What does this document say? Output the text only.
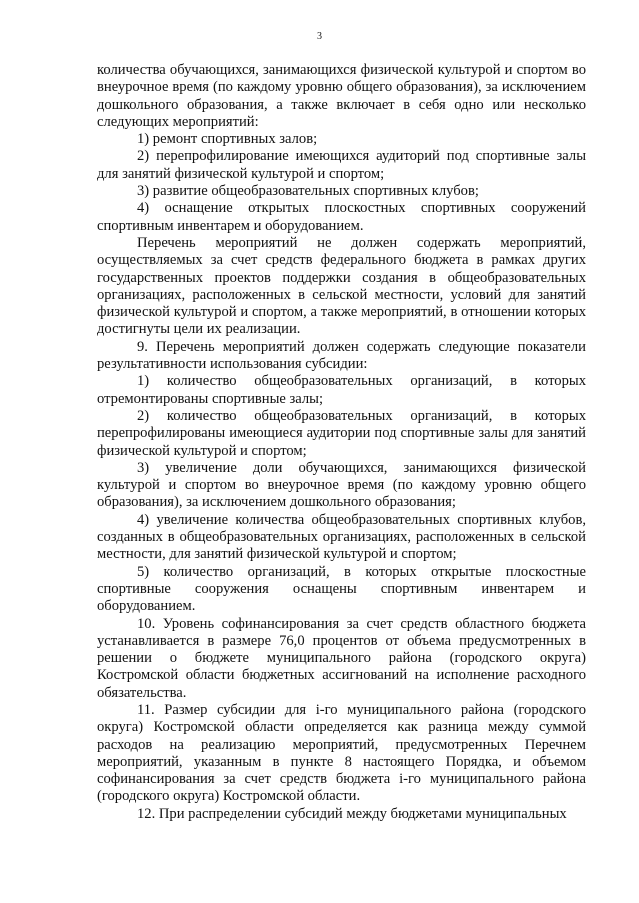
3

количества обучающихся, занимающихся физической культурой и спортом во внеурочное время (по каждому уровню общего образования), за исключением дошкольного образования, а также включает в себя одно или несколько следующих мероприятий:

1) ремонт спортивных залов;

2) перепрофилирование имеющихся аудиторий под спортивные залы для занятий физической культурой и спортом;

3) развитие общеобразовательных спортивных клубов;

4) оснащение открытых плоскостных спортивных сооружений спортивным инвентарем и оборудованием.

Перечень мероприятий не должен содержать мероприятий, осуществляемых за счет средств федерального бюджета в рамках других государственных проектов поддержки создания в общеобразовательных организациях, расположенных в сельской местности, условий для занятий физической культурой и спортом, а также мероприятий, в отношении которых достигнуты цели их реализации.

9. Перечень мероприятий должен содержать следующие показатели результативности использования субсидии:

1) количество общеобразовательных организаций, в которых отремонтированы спортивные залы;

2) количество общеобразовательных организаций, в которых перепрофилированы имеющиеся аудитории под спортивные залы для занятий физической культурой и спортом;

3) увеличение доли обучающихся, занимающихся физической культурой и спортом во внеурочное время (по каждому уровню общего образования), за исключением дошкольного образования;

4) увеличение количества общеобразовательных спортивных клубов, созданных в общеобразовательных организациях, расположенных в сельской местности, для занятий физической культурой и спортом;

5) количество организаций, в которых открытые плоскостные спортивные сооружения оснащены спортивным инвентарем и оборудованием.

10. Уровень софинансирования за счет средств областного бюджета устанавливается в размере 76,0 процентов от объема предусмотренных в решении о бюджете муниципального района (городского округа) Костромской области бюджетных ассигнований на исполнение расходного обязательства.

11. Размер субсидии для i-го муниципального района (городского округа) Костромской области определяется как разница между суммой расходов на реализацию мероприятий, предусмотренных Перечнем мероприятий, указанным в пункте 8 настоящего Порядка, и объемом софинансирования за счет средств бюджета i-го муниципального района (городского округа) Костромской области.

12. При распределении субсидий между бюджетами муниципальных
